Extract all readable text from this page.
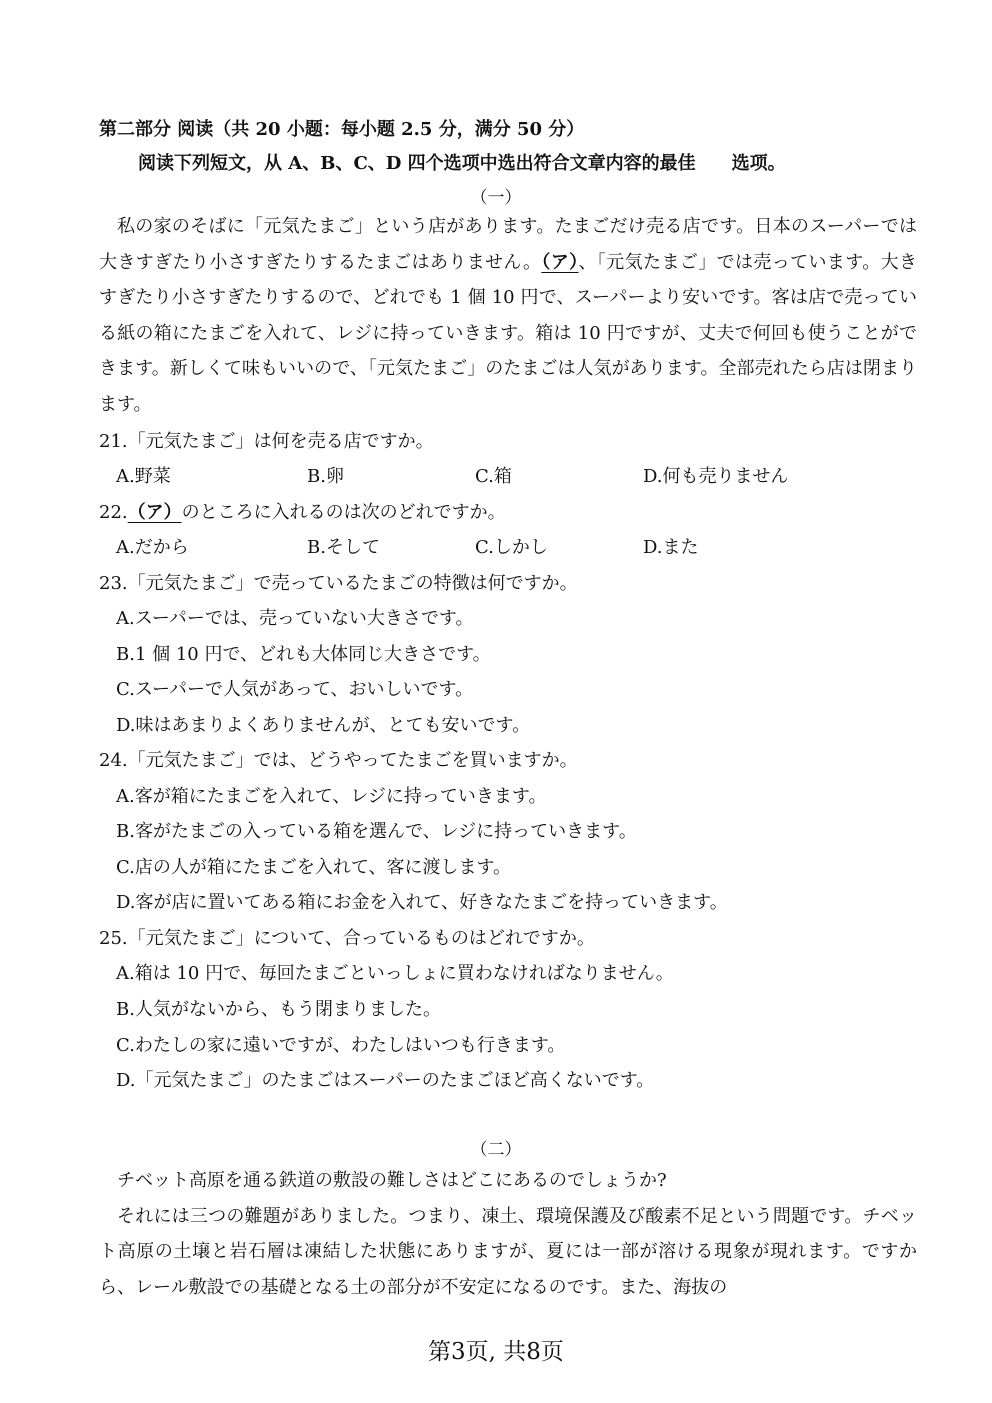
第二部分 阅读（共 20 小题：每小题 2.5 分，满分 50 分）
阅读下列短文，从 A、B、C、D 四个选项中选出符合文章内容的最佳　　选项。
（一）

私の家のそばに「元気たまご」という店があります。たまごだけ売る店です。日本のスーパーでは大きすぎたり小さすぎたりするたまごはありません。（ア）、「元気たまご」では売っています。大きすぎたり小さすぎたりするので、どれでも 1 個 10 円で、スーパーより安いです。客は店で売っている紙の箱にたまごを入れて、レジに持っていきます。箱は 10 円ですが、丈夫で何回も使うことができます。新しくて味もいいので、「元気たまご」のたまごは人気があります。全部売れたら店は閉まります。

21.「元気たまご」は何を売る店ですか。
A.野菜	B.卵	C.箱	D.何も売りません
22.（ア）のところに入れるのは次のどれですか。
A.だから	B.そして	C.しかし	D.また
23.「元気たまご」で売っているたまごの特徴は何ですか。
A.スーパーでは、売っていない大きさです。
B.1 個 10 円で、どれも大体同じ大きさです。
C.スーパーで人気があって、おいしいです。
D.味はあまりよくありませんが、とても安いです。
24.「元気たまご」では、どうやってたまごを買いますか。
A.客が箱にたまごを入れて、レジに持っていきます。
B.客がたまごの入っている箱を選んで、レジに持っていきます。
C.店の人が箱にたまごを入れて、客に渡します。
D.客が店に置いてある箱にお金を入れて、好きなたまごを持っていきます。
25.「元気たまご」について、合っているものはどれですか。
A.箱は 10 円で、毎回たまごといっしょに買わなければなりません。
B.人気がないから、もう閉まりました。
C.わたしの家に遠いですが、わたしはいつも行きます。
D.「元気たまご」のたまごはスーパーのたまごほど高くないです。
（二）

チベット高原を通る鉄道の敷設の難しさはどこにあるのでしょうか?

それには三つの難題がありました。つまり、凍土、環境保護及び酸素不足という問題です。チベット高原の土壌と岩石層は凍結した状態にありますが、夏には一部が溶ける現象が現れます。ですから、レール敷設での基礎となる土の部分が不安定になるのです。また、海抜の

第3页, 共8页
